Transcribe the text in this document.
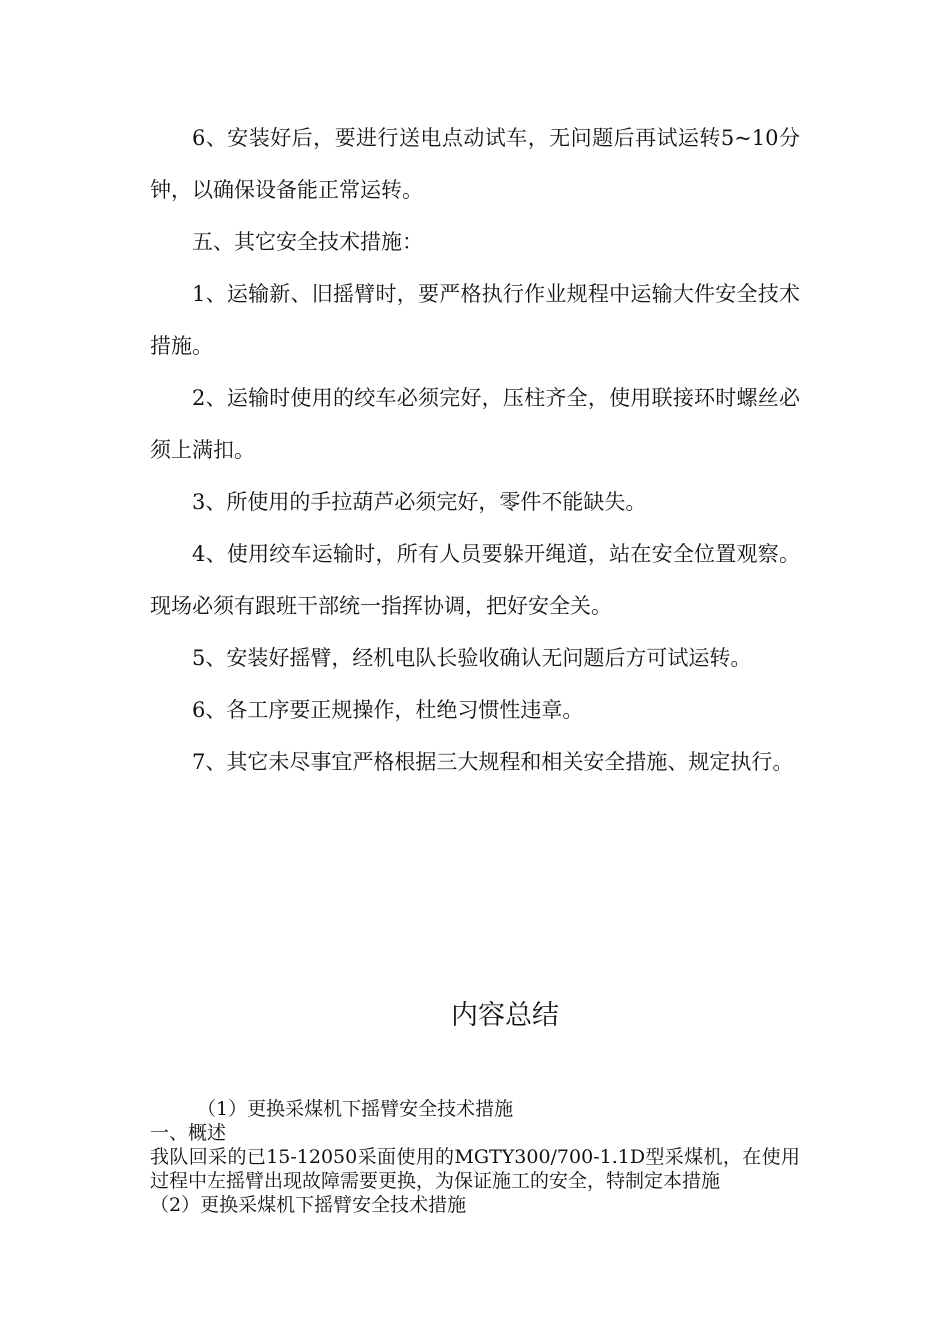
6、安装好后，要进行送电点动试车，无问题后再试运转5~10分钟，以确保设备能正常运转。

五、其它安全技术措施：

1、运输新、旧摇臂时，要严格执行作业规程中运输大件安全技术措施。

2、运输时使用的绞车必须完好，压柱齐全，使用联接环时螺丝必须上满扣。

3、所使用的手拉葫芦必须完好，零件不能缺失。

4、使用绞车运输时，所有人员要躲开绳道，站在安全位置观察。现场必须有跟班干部统一指挥协调，把好安全关。

5、安装好摇臂，经机电队长验收确认无问题后方可试运转。

6、各工序要正规操作，杜绝习惯性违章。

7、其它未尽事宜严格根据三大规程和相关安全措施、规定执行。

内容总结

（1）更换采煤机下摇臂安全技术措施

一、概述

我队回采的已15-12050采面使用的MGTY300/700-1.1D型采煤机，在使用过程中左摇臂出现故障需要更换，为保证施工的安全，特制定本措施

（2）更换采煤机下摇臂安全技术措施
